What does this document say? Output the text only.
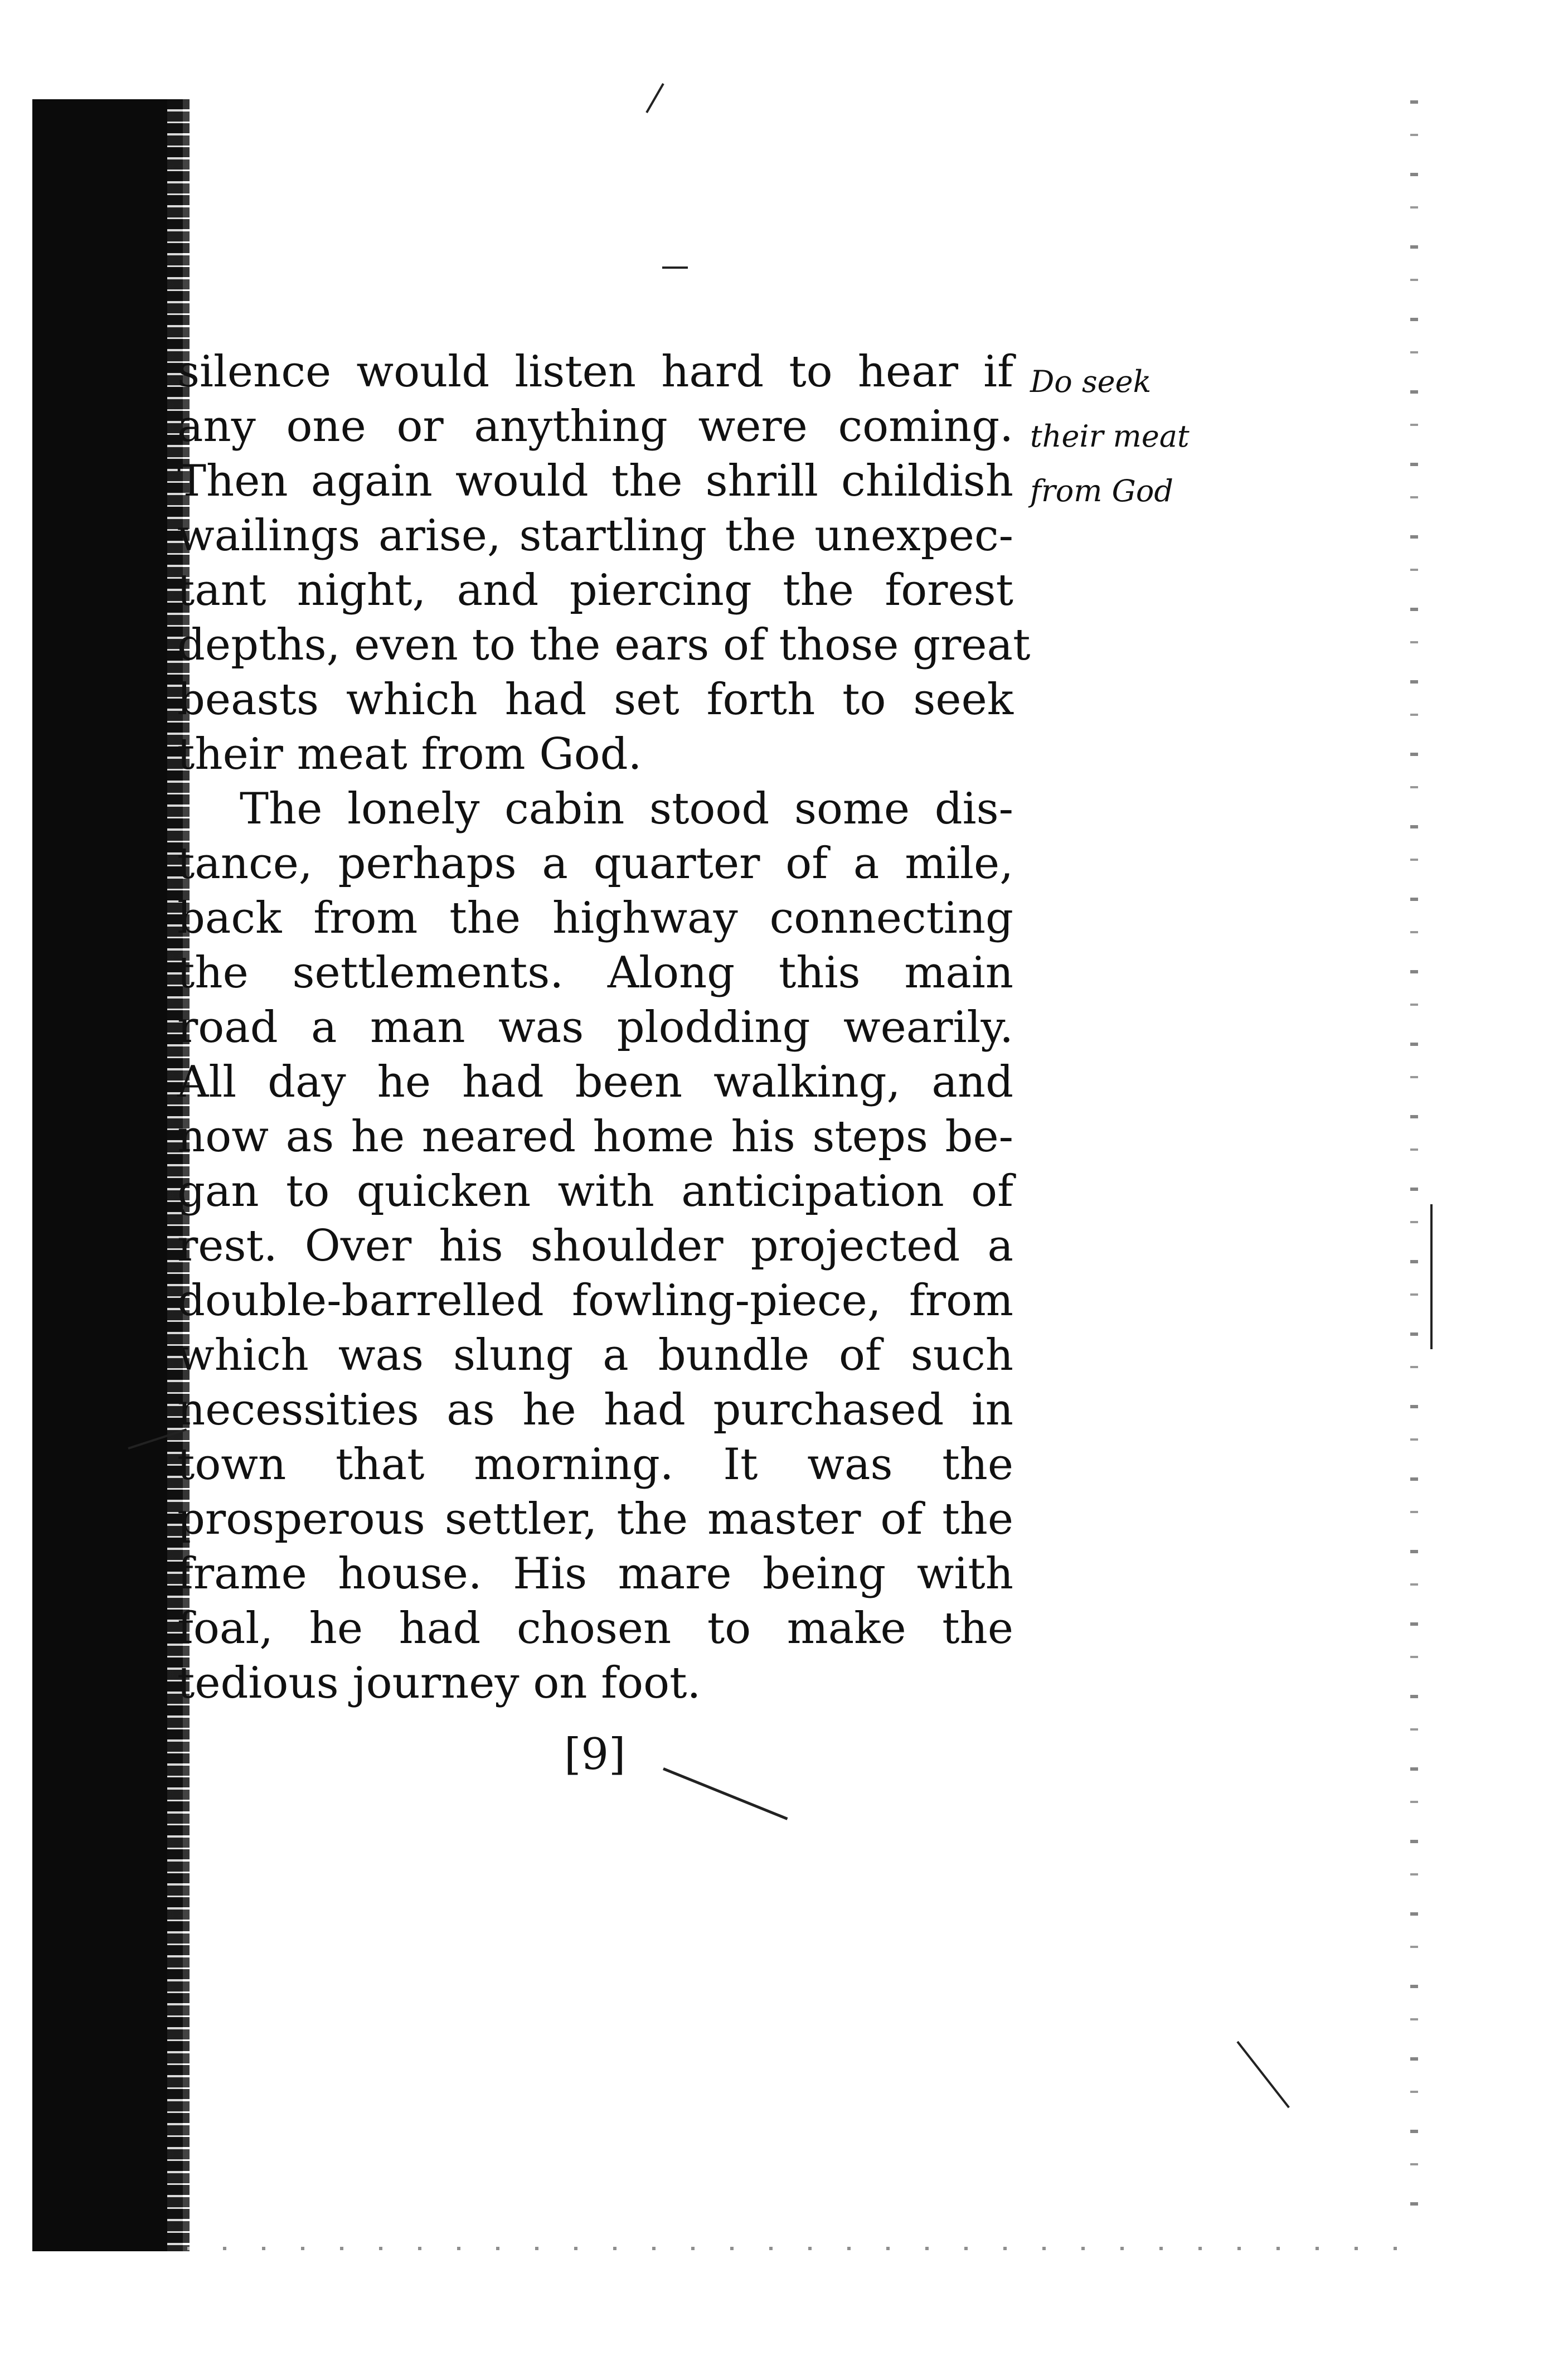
silence would listen hard to hear if
any one or anything were coming.
Then again would the shrill childish
wailings arise, startling the unexpec-
tant night, and piercing the forest
depths, even to the ears of those great
beasts which had set forth to seek
their meat from God.
The lonely cabin stood some dis-
tance, perhaps a quarter of a mile,
back from the highway connecting
the settlements. Along this main
road a man was plodding wearily.
All day he had been walking, and
now as he neared home his steps be-
gan to quicken with anticipation of
rest. Over his shoulder projected a
double-barrelled fowling-piece, from
which was slung a bundle of such
necessities as he had purchased in
town that morning. It was the
prosperous settler, the master of the
frame house. His mare being with
foal, he had chosen to make the
tedious journey on foot.
Do seek
their meat
from God
[9]
